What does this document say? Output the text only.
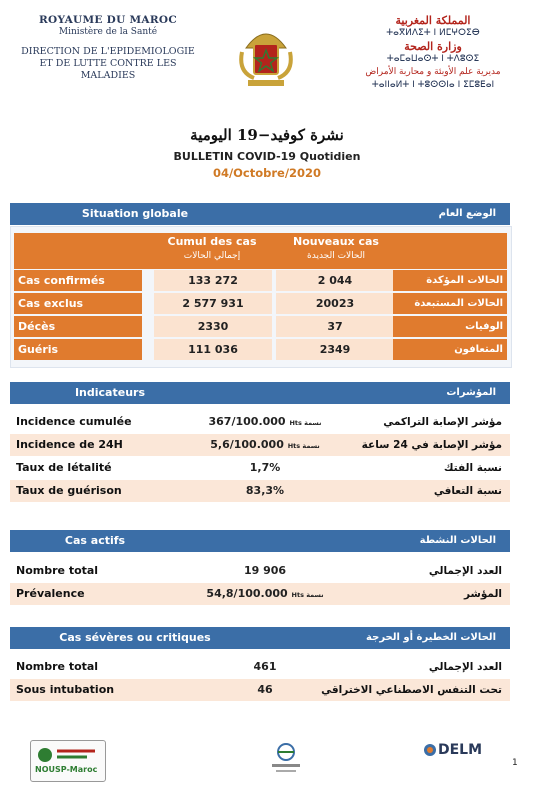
ROYAUME DU MAROC
Ministère de la Santé
DIRECTION DE L'EPIDEMIOLOGIE
ET DE LUTTE CONTRE LES MALADIES
المملكة المغربية
ⵜⴰⴳⵍⴷⵉⵜ ⵏ ⵍⵎⵖⵔⵉⴱ
وزارة الصحة
ⵜⴰⵎⴰⵡⴰⵙⵜ ⵏ ⵜⴷⵓⵙⵉ
مديرية علم الأوبئة و محاربة الأمراض
ⵜⴰⵏⵏⴰⵍⵜ ⵏ ⵜⵓⵙⵙⵏⴰ ⵏ ⵉⵎⵓⴹⴰⵏ
نشرة كوفيد−19 اليومية
BULLETIN COVID-19 Quotidien
04/Octobre/2020
Situation globale	الوضع العام
Cumul des cas
إجمالي الحالات
Nouveaux cas
الحالات الجديدة
Cas confirmés	133 272	2 044	الحالات المؤكدة
Cas exclus	2 577 931	20023	الحالات المستبعدة
Décès	2330	37	الوفيات
Guéris	111 036	2349	المتعافون
Indicateurs	المؤشرات
Incidence cumulée	367/100.000 Hts نسمة	مؤشر الإصابة التراكمي
Incidence de 24H	5,6/100.000 Hts نسمة	مؤشر الإصابة في 24 ساعة
Taux de létalité	1,7%	نسبة الفتك
Taux de guérison	83,3%	نسبة التعافي
Cas actifs	الحالات النشطة
Nombre total	19 906	العدد الإجمالي
Prévalence	54,8/100.000 Hts نسمة	المؤشر
Cas sévères ou critiques	الحالات الخطيرة أو الحرجة
Nombre total	461	العدد الإجمالي
Sous intubation	46	تحت التنفس الاصطناعي الاختراقي
NOUSP-Maroc
DELM
1
